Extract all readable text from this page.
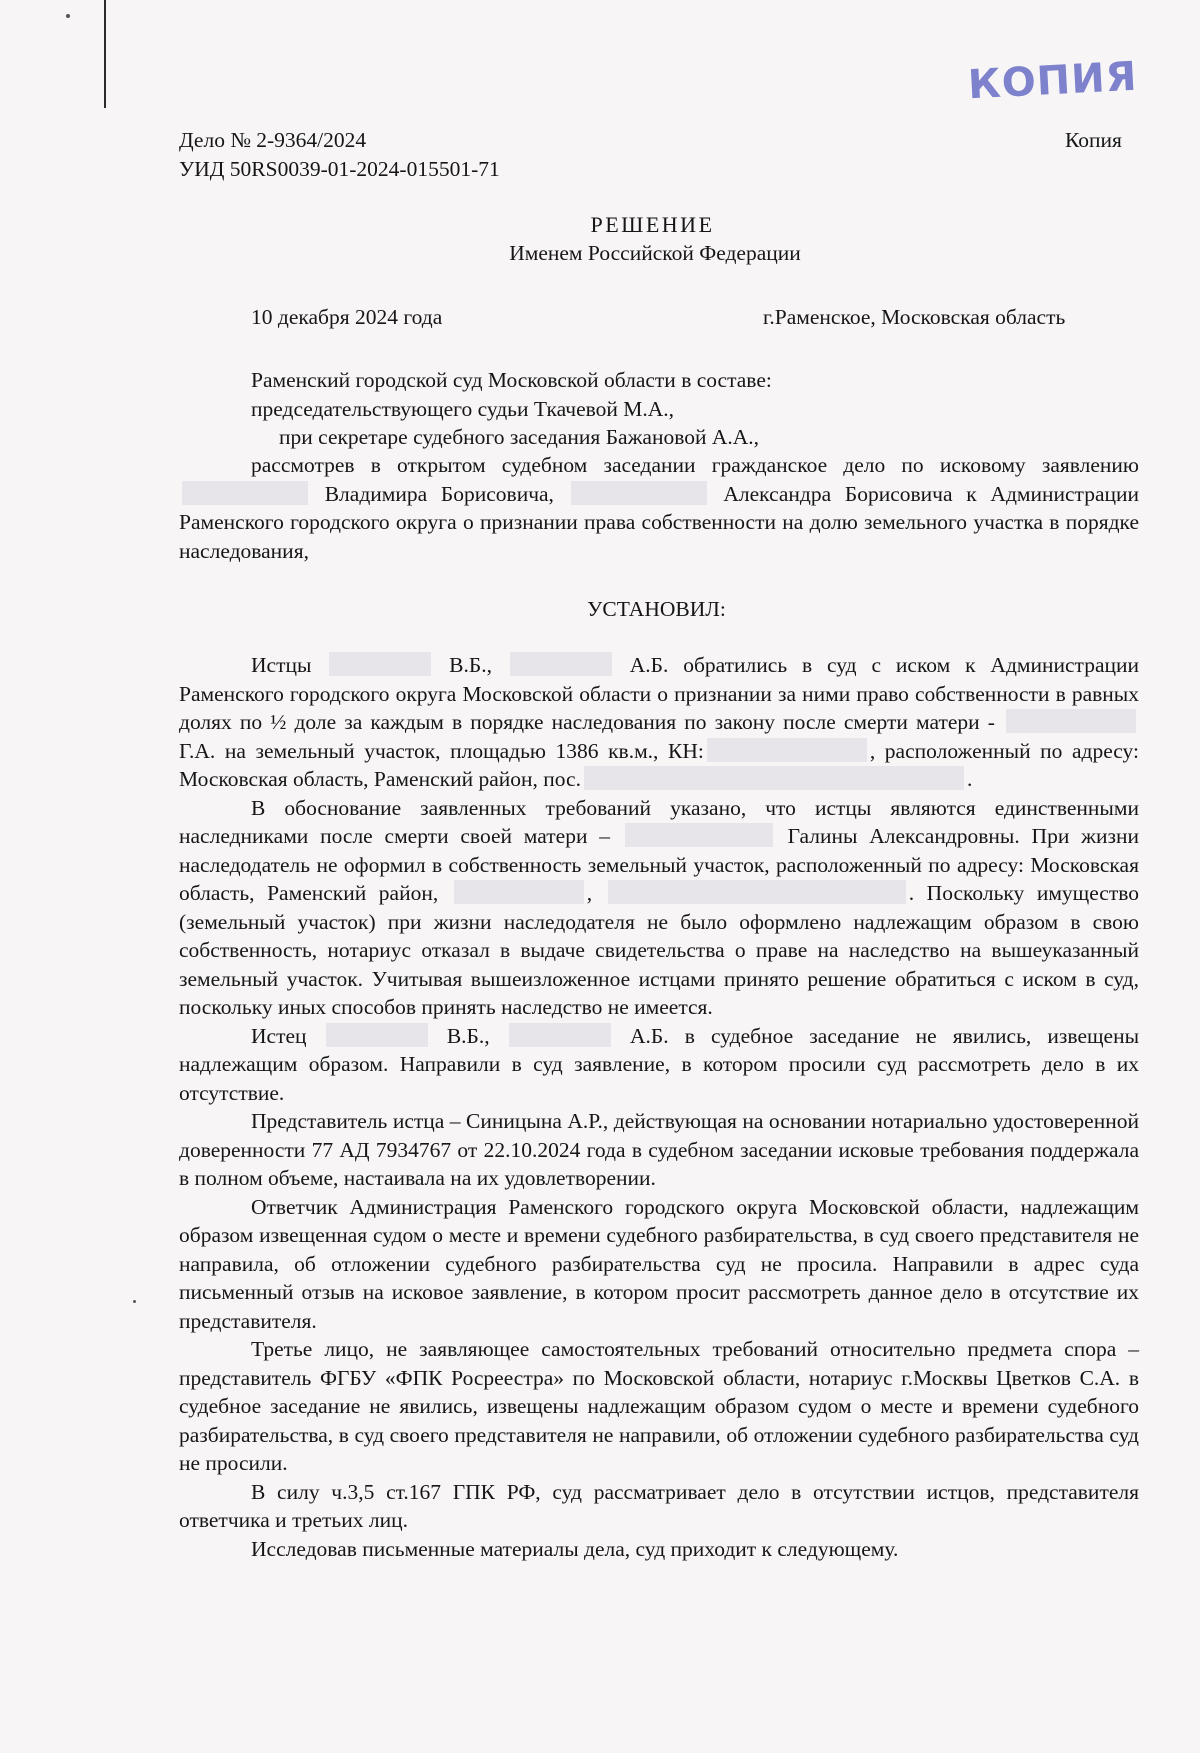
КОПИЯ
Дело № 2-9364/2024
УИД 50RS0039-01-2024-015501-71
Копия
РЕШЕНИЕ
Именем Российской Федерации
10 декабря 2024 года	г.Раменское, Московская область
Раменский городской суд Московской области в составе:
председательствующего судьи Ткачевой М.А.,
при секретаре судебного заседания Бажановой А.А.,

рассмотрев в открытом судебном заседании гражданское дело по исковому заявлению  Владимира Борисовича,	Александра Борисовича к Администрации Раменского городского округа о признании права собственности на долю земельного участка в порядке наследования,

УСТАНОВИЛ:

Истцы	В.Б.,	А.Б. обратились в суд с иском к Администрации Раменского городского округа Московской области о признании за ними право собственности в равных долях по ½ доле за каждым в порядке наследования по закону после смерти матери -  Г.А. на земельный участок, площадью 1386 кв.м., КН:	, расположенный по адресу: Московская область, Раменский район, пос.	.

В обоснование заявленных требований указано, что истцы являются единственными наследниками после смерти своей матери –	Галины Александровны. При жизни наследодатель не оформил в собственность земельный участок, расположенный по адресу: Московская область, Раменский район,	,	. Поскольку имущество (земельный участок) при жизни наследодателя не было оформлено надлежащим образом в свою собственность, нотариус отказал в выдаче свидетельства о праве на наследство на вышеуказанный земельный участок. Учитывая вышеизложенное истцами принято решение обратиться с иском в суд, поскольку иных способов принять наследство не имеется.

Истец	В.Б.,	А.Б. в судебное заседание не явились, извещены надлежащим образом. Направили в суд заявление, в котором просили суд рассмотреть дело в их отсутствие.

Представитель истца – Синицына А.Р., действующая на основании нотариально удостоверенной доверенности 77 АД 7934767 от 22.10.2024 года в судебном заседании исковые требования поддержала в полном объеме, настаивала на их удовлетворении.

Ответчик Администрация Раменского городского округа Московской области, надлежащим образом извещенная судом о месте и времени судебного разбирательства, в суд своего представителя не направила, об отложении судебного разбирательства суд не просила. Направили в адрес суда письменный отзыв на исковое заявление, в котором просит рассмотреть данное дело в отсутствие их представителя.

Третье лицо, не заявляющее самостоятельных требований относительно предмета спора – представитель ФГБУ «ФПК Росреестра» по Московской области, нотариус г.Москвы Цветков С.А. в судебное заседание не явились, извещены надлежащим образом судом о месте и времени судебного разбирательства, в суд своего представителя не направили, об отложении судебного разбирательства суд не просили.

В силу ч.3,5 ст.167 ГПК РФ, суд рассматривает дело в отсутствии истцов, представителя ответчика и третьих лиц.

Исследовав письменные материалы дела, суд приходит к следующему.
